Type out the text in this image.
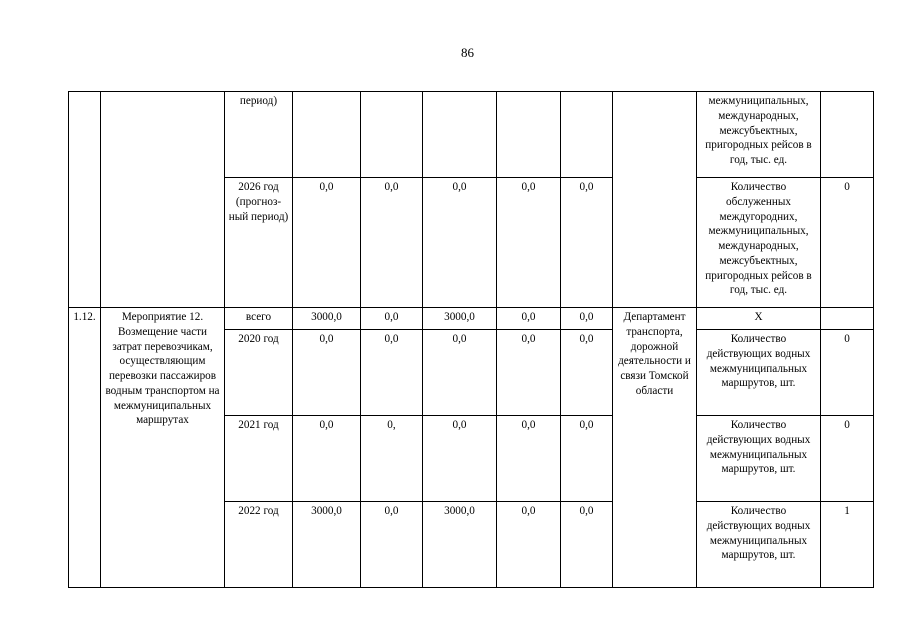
86
		период)							межмуниципальных, международных, межсубъектных, пригородных рейсов в год, тыс. ед.	
		2026 год (прогноз-ный период)	0,0	0,0	0,0	0,0	0,0		Количество обслуженных междугородних, межмуниципальных, международных, межсубъектных, пригородных рейсов в год, тыс. ед.	0
1.12.	Мероприятие 12. Возмещение части затрат перевозчикам, осуществляющим перевозки пассажиров водным транспортом на межмуниципальных маршрутах	всего	3000,0	0,0	3000,0	0,0	0,0	Департамент транспорта, дорожной деятельности и связи Томской области	Х	
		2020 год	0,0	0,0	0,0	0,0	0,0		Количество действующих водных межмуниципальных маршрутов, шт.	0
		2021 год	0,0	0,	0,0	0,0	0,0		Количество действующих водных межмуниципальных маршрутов, шт.	0
		2022 год	3000,0	0,0	3000,0	0,0	0,0		Количество действующих водных межмуниципальных маршрутов, шт.	1
